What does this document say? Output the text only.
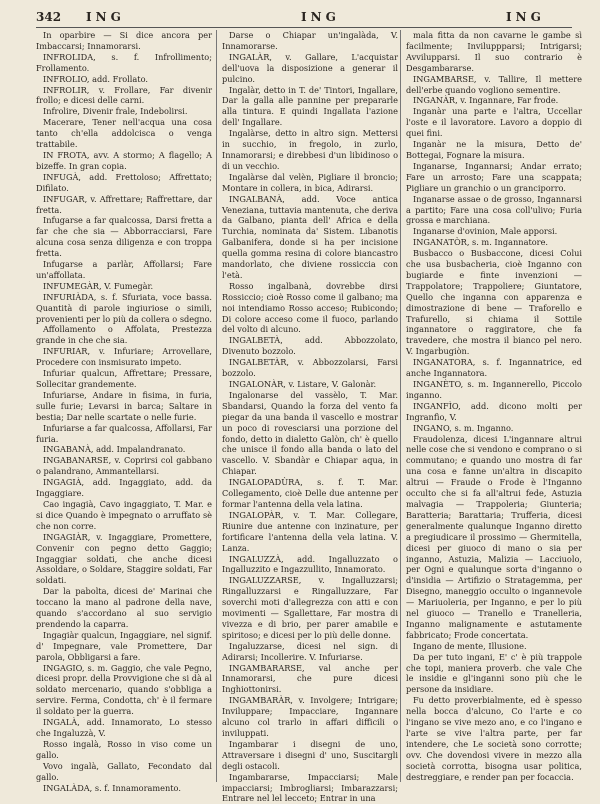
342 ING	ING	ING

In oparbire — Si dice ancora per Imbaccarsi; Innamorarsi.

INFROLIDA, s. f. Infrollimento; Frollamento.

INFROLIO, add. Frollato.

INFROLIR, v. Frollare, Far divenir frollo; e dicesi delle carni.

Infrolire, Divenir frale, Indebolirsi.

Macerare, Tener nell'acqua una cosa tanto ch'ella addolcisca o venga trattabile.

IN FROTA, avv. A stormo; A flagello; A bizeffe. In gran copia.

INFUGÀ, add. Frettoloso; Affrettato; Difilato.

INFUGAR, v. Affrettare; Raffrettare, dar fretta.

Infugarse a far qualcossa, Darsi fretta a far che che sia — Abborracciarsi, Fare alcuna cosa senza diligenza e con troppa fretta.

Infugarse a parlàr, Affollarsi; Fare un'affollata.

INFUMEGÀR, V. Fumegàr.

INFURIÀDA, s. f. Sfuriata, voce bassa. Quantità di parole ingiuriose o simili, provenienti per lo più da collera o sdegno.

Affollamento o Affolata, Prestezza grande in che che sia.

INFURIAR, v. Infuriare; Arrovellare, Procedere con insmisurato impeto.

Infuriar qualcun, Affrettare; Pressare, Sollecitar grandemente.

Infuriarse, Andare in fisima, in furia, sulle furie; Levarsi in barca; Saltare in bestia; Dar nelle scartate o nelle furie.

Infuriarse a far qualcossa, Affollarsi, Far furia.

INGABANÀ, add. Impalandranato.

INGABANARSE, v. Coprirsi col gabbano o palandrano, Ammantellarsi.

INGAGIÀ, add. Ingaggiato, add. da Ingaggiare.

Cao ingagià, Cavo ingaggiato, T. Mar. e si dice Quando è impegnato o arruffato sè che non corre.

INGAGIÀR, v. Ingaggiare, Promettere, Convenir con pegno detto Gaggio; Ingaggiar soldati, che anche dicesi Assoldare, o Soldare, Staggire soldati, Far soldati.

Dar la pabolta, dicesi de' Marinai che toccano la mano al padrone della nave, quando s'accordano al suo servigio prendendo la caparra.

Ingagiàr qualcun, Ingaggiare, nel signif. d' Impegnare, vale Promettere, Dar parola, Obbligarsi a fare.

INGAGIO, s. m. Gaggio, che vale Pegno, dicesi propr. della Provvigione che si dà al soldato mercenario, quando s'obbliga a servire. Ferma, Condotta, ch' è il fermare il soldato per la guerra.

INGALÀ, add. Innamorato, Lo stesso che Ingaluzzà, V.

Rosso ingalà, Rosso in viso come un gallo.

Vovo ingalà, Gallato, Fecondato dal gallo.

INGALÀDA, s. f. Innamoramento.

Darse o Chiapar un'ingalàda, V. Innamorarse.

INGALÀR, v. Gallare, L'acquistar dell'uova la disposizione a generar il pulcino.

Ingalàr, detto in T. de' Tintori, Ingallare, Dar la galla alle pannine per prepararle alla tintura. E quindi Ingallata l'azione dell' Ingallare.

Ingalàrse, detto in altro sign. Mettersi in succhio, in fregolo, in zurlo, Innamorarsi; e direbbesi d'un libidinoso o di un vecchio.

Ingalàrse dal velèn, Pigliare il broncio; Montare in collera, in bica, Adirarsi.

INGALBANÀ, add. Voce antica Veneziana, tuttavia mantenuta, che deriva da Galbano, pianta dell' Africa e della Turchia, nominata da' Sistem. Libanotis Galbanifera, donde si ha per incisione quella gomma resina di colore biancastro mandorlato, che diviene rossiccia con l'età.

Rosso ingalbanà, dovrebbe dirsi Rossiccio; cioè Rosso come il galbano; ma noi intendiamo Rosso acceso; Rubicondo; Di colore acceso come il fuoco, parlando del volto di alcuno.

INGALBETÀ, add. Abbozzolato, Divenuto bozzolo.

INGALBETÀR, v. Abbozzolarsi, Farsi bozzolo.

INGALONÀR, v. Listare, V. Galonàr.

Ingalonarse del vassèlo, T. Mar. Sbandarsi, Quando la forza del vento fa piegar da una banda il vascello e mostrar un poco di rovesciarsi una porzione del fondo, detto in dialetto Galòn, ch' è quello che unisce il fondo alla banda o lato del vascello. V. Sbandàr e Chiapar aqua, in Chiapar.

INGALOPADÙRA, s. f. T. Mar. Collegamento, cioè Delle due antenne per formar l'antenna della vela latina.

INGALOPÀR, v. T. Mar. Collegare, Riunire due antenne con inzinature, per fortificare l'antenna della vela latina. V. Lanza.

INGALUZZÀ, add. Ingalluzzato o Ingalluzzito e Ingazzullito, Innamorato.

INGALUZZARSE, v. Ingalluzzarsi; Ringalluzzarsi e Ringalluzzare, Far soverchi moti d'allegrezza con atti e con movimenti — Sgallettare, Far mostra di vivezza e di brio, per parer amabile e spiritoso; e dicesi per lo più delle donne.

Ingaluzzarse, dicesi nel sign. di Adirarsi; Incollerire. V. Infuriarse.

INGAMBARARSE, val anche per Innamorarsi, che pure dicesi Inghiottonirsi.

INGAMBARÀR, v. Involgere; Intrigare; Inviluppare; Impacciare, Ingannare alcuno col trarlo in affari difficili o inviluppati.

Ingambarar i disegni de uno, Attraversare i disegni d' uno, Suscitargli degli ostacoli.

Ingambararse, Impacciarsi; Male impacciarsi; Imbrogliarsi; Imbarazzarsi; Entrare nel lel lecceto; Entrar in una

mala fitta da non cavarne le gambe sì facilmente; Inviluppparsi; Intrigarsi; Avvilupparsi. Il suo contrario è Desgambararse.

INGAMBARSE, v. Tallire, Il mettere dell'erbe quando vogliono sementire.

INGANÀR, v. Ingannare, Far frode.

Inganàr una parte e l'altra, Uccellar l'oste e il lavoratore. Lavoro a doppio di quei fini.

Inganàr ne la misura, Detto de' Bottegai, Fognare la misura.

Inganarse, Ingannarsi; Andar errato; Fare un arrosto; Fare una scappata; Pigliare un granchio o un granciporro.

Inganarse assae o de grosso, Ingannarsi a partito; Fare una cosa coll'ulivo; Furia grossa e marchiana.

Inganarse d'ovinion, Male apporsi.

INGANATÒR, s. m. Ingannatore.

Busbacco o Busbaccone, dicesi Colui che usa busbacheria, cioè Inganno con bugiarde e finte invenzioni — Trappolatore; Trappoliere; Giuntatore, Quello che inganna con apparenza e dimostrazione di bene — Traforello e Trafurello, si chiama il Sottile ingannatore o raggiratore, che fa travedere, che mostra il bianco pel nero. V. Ingarbugiòn.

INGANATORA, s. f. Ingannatrice, ed anche Ingannatora.

INGANÈTO, s. m. Ingannerello, Piccolo inganno.

INGANFÌO, add. dicono molti per Ingranfìo, V.

INGANO, s. m. Inganno.

Fraudolenza, dicesi L'ingannare altrui nelle cose che si vendono e comprano o si commutano; e quando uno mostra di far una cosa e fanne un'altra in discapito altrui — Fraude o Frode è l'Inganno occulto che si fa all'altrui fede, Astuzia malvagia — Trappoleria; Giunteria; Baratteria; Barattaria; Trufferia, dicesi generalmente qualunque Inganno diretto a pregiudicare il prossimo — Ghermitella, dicesi per giuoco di mano o sia per inganno, Astuzia, Malizia — Lacciuolo, per Ogni e qualunque sorta d'inganno o d'insidia — Artifizio o Stratagemma, per Disegno, maneggio occulto o ingannevole — Mariuoleria, per Inganno, e per lo più nel giuoco — Tranello e Tranelleria, Inganno malignamente e astutamente fabbricato; Frode concertata.

Ingano de mente, Illusione.

Da per tuto ingani, E' c' è più trappole che topi, maniera proverb. che vale Che le insidie e gl'inganni sono più che le persone da insidiare.

Fu detto proverbialmente, ed è spesso nella bocca d'alcuno, Co l'arte e co l'ingano se vive mezo ano, e co l'ingano e l'arte se vive l'altra parte, per far intendere, che Le società sono corrotte; ovv. Che dovendosi vivere in mezzo alla società corrotta, bisogna usar politica, destreggiare, e render pan per focaccia.
